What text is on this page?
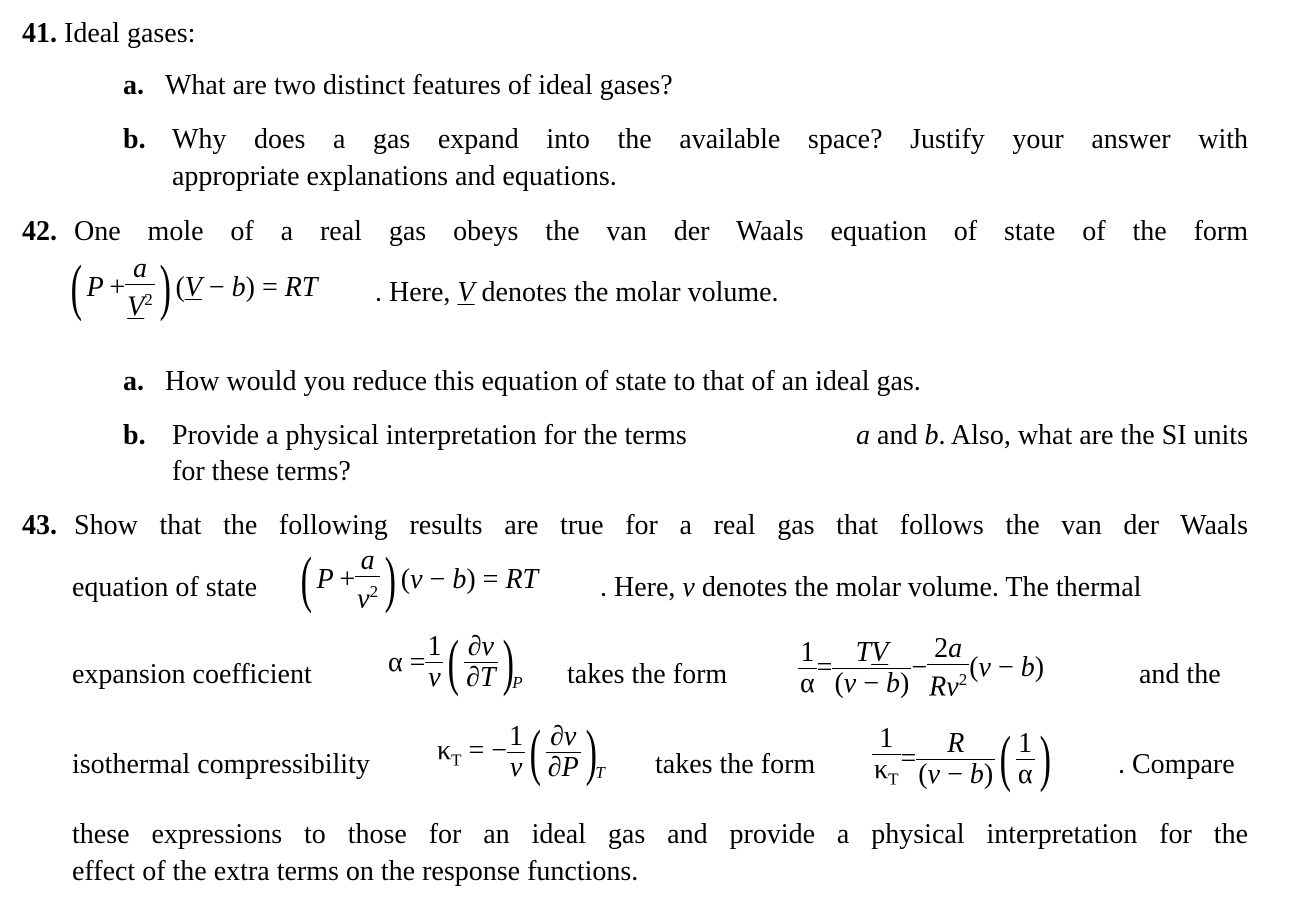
41. Ideal gases:
a. What are two distinct features of ideal gases?
b. Why does a gas expand into the available space? Justify your answer with
appropriate explanations and equations.
42. One mole of a real gas obeys the van der Waals equation of state of the form
( $P + \frac{a}{V^2}$ ) (V − b) = RT . Here, V denotes the molar volume.
a. How would you reduce this equation of state to that of an ideal gas.
b. Provide a physical interpretation for the terms	a and b. Also, what are the SI units
for these terms?
43. Show that the following results are true for a real gas that follows the van der Waals
equation of state ( $P + \frac{a}{v^2}$ ) (v − b) = RT . Here, v denotes the molar volume. The thermal
expansion coefficient	$\alpha = \frac{1}{v}$ ( $\frac{\partial v}{\partial T} )P$ takes the form	$\frac{1}{\alpha} = \frac{TV}{(v - b)} - \frac{2a}{Rv^2} (v - b)$	and the
isothermal compressibility $\kappa_T$ = − $\frac{1}{v}$ ( $\frac{\partial v}{\partial P} )T$ takes the form $\frac{1}{\kappa_T} = \frac{R}{(v - b)}$ ( $\frac{1}{\alpha}$ ) . Compare
these expressions to those for an ideal gas and provide a physical interpretation for the
effect of the extra terms on the response functions.
